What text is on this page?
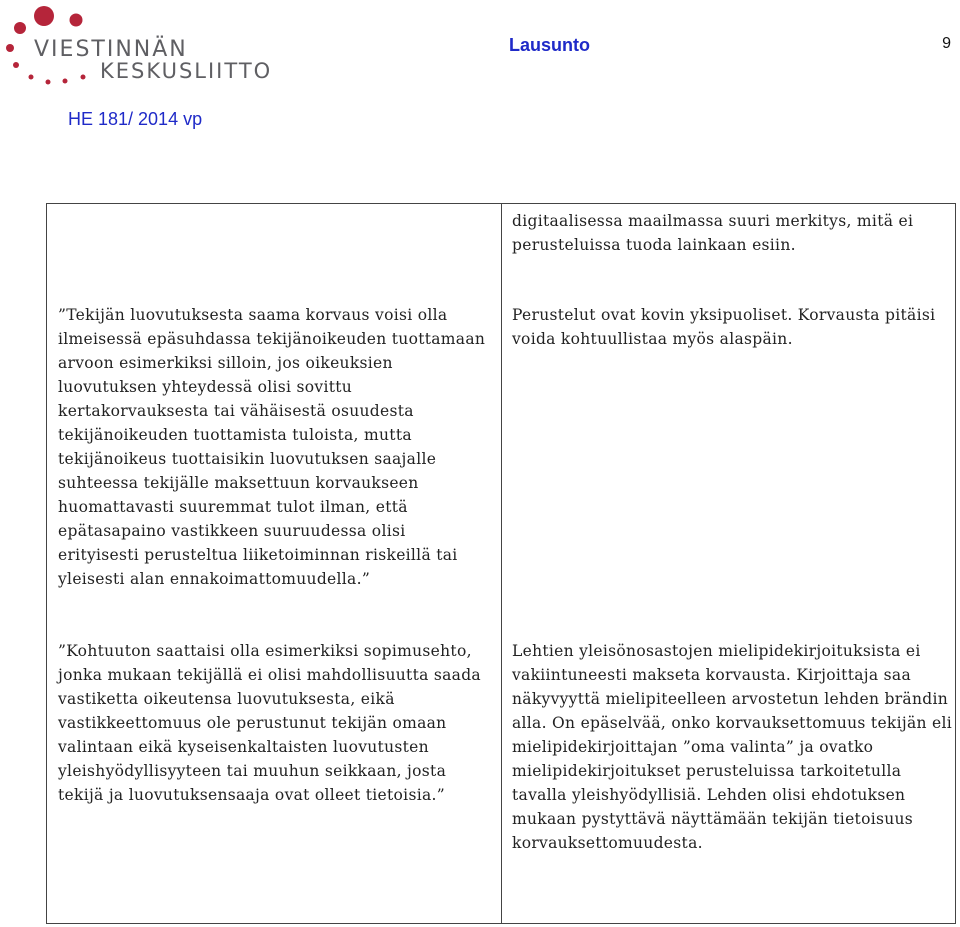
VIESTINNÄN
KESKUSLIITTO
Lausunto	9
HE 181/ 2014 vp
digitaalisessa maailmassa suuri merkitys, mitä ei perusteluissa tuoda lainkaan esiin.
”Tekijän luovutuksesta saama korvaus voisi olla ilmeisessä epäsuhdassa tekijänoikeuden tuottamaan arvoon esimerkiksi silloin, jos oikeuksien luovutuksen yhteydessä olisi sovittu kertakorvauksesta tai vähäisestä osuudesta tekijänoikeuden tuottamista tuloista, mutta tekijänoikeus tuottaisikin luovutuksen saajalle suhteessa tekijälle maksettuun korvaukseen huomattavasti suuremmat tulot ilman, että epätasapaino vastikkeen suuruudessa olisi erityisesti perusteltua liiketoiminnan riskeillä tai yleisesti alan ennakoimattomuudella.”
Perustelut ovat kovin yksipuoliset. Korvausta pitäisi voida kohtuullistaa myös alaspäin.
”Kohtuuton saattaisi olla esimerkiksi sopimusehto, jonka mukaan tekijällä ei olisi mahdollisuutta saada vastiketta oikeutensa luovutuksesta, eikä vastikkeettomuus ole perustunut tekijän omaan valintaan eikä kyseisenkaltaisten luovutusten yleishyödyllisyyteen tai muuhun seikkaan, josta tekijä ja luovutuksensaaja ovat olleet tietoisia.”
Lehtien yleisönosastojen mielipidekirjoituksista ei vakiintuneesti makseta korvausta. Kirjoittaja saa näkyvyyttä mielipiteelleen arvostetun lehden brändin alla. On epäselvää, onko korvauksettomuus tekijän eli mielipidekirjoittajan ”oma valinta” ja ovatko mielipidekirjoitukset perusteluissa tarkoitetulla tavalla yleishyödyllisiä. Lehden olisi ehdotuksen mukaan pystyttävä näyttämään tekijän tietoisuus korvauksettomuudesta.
